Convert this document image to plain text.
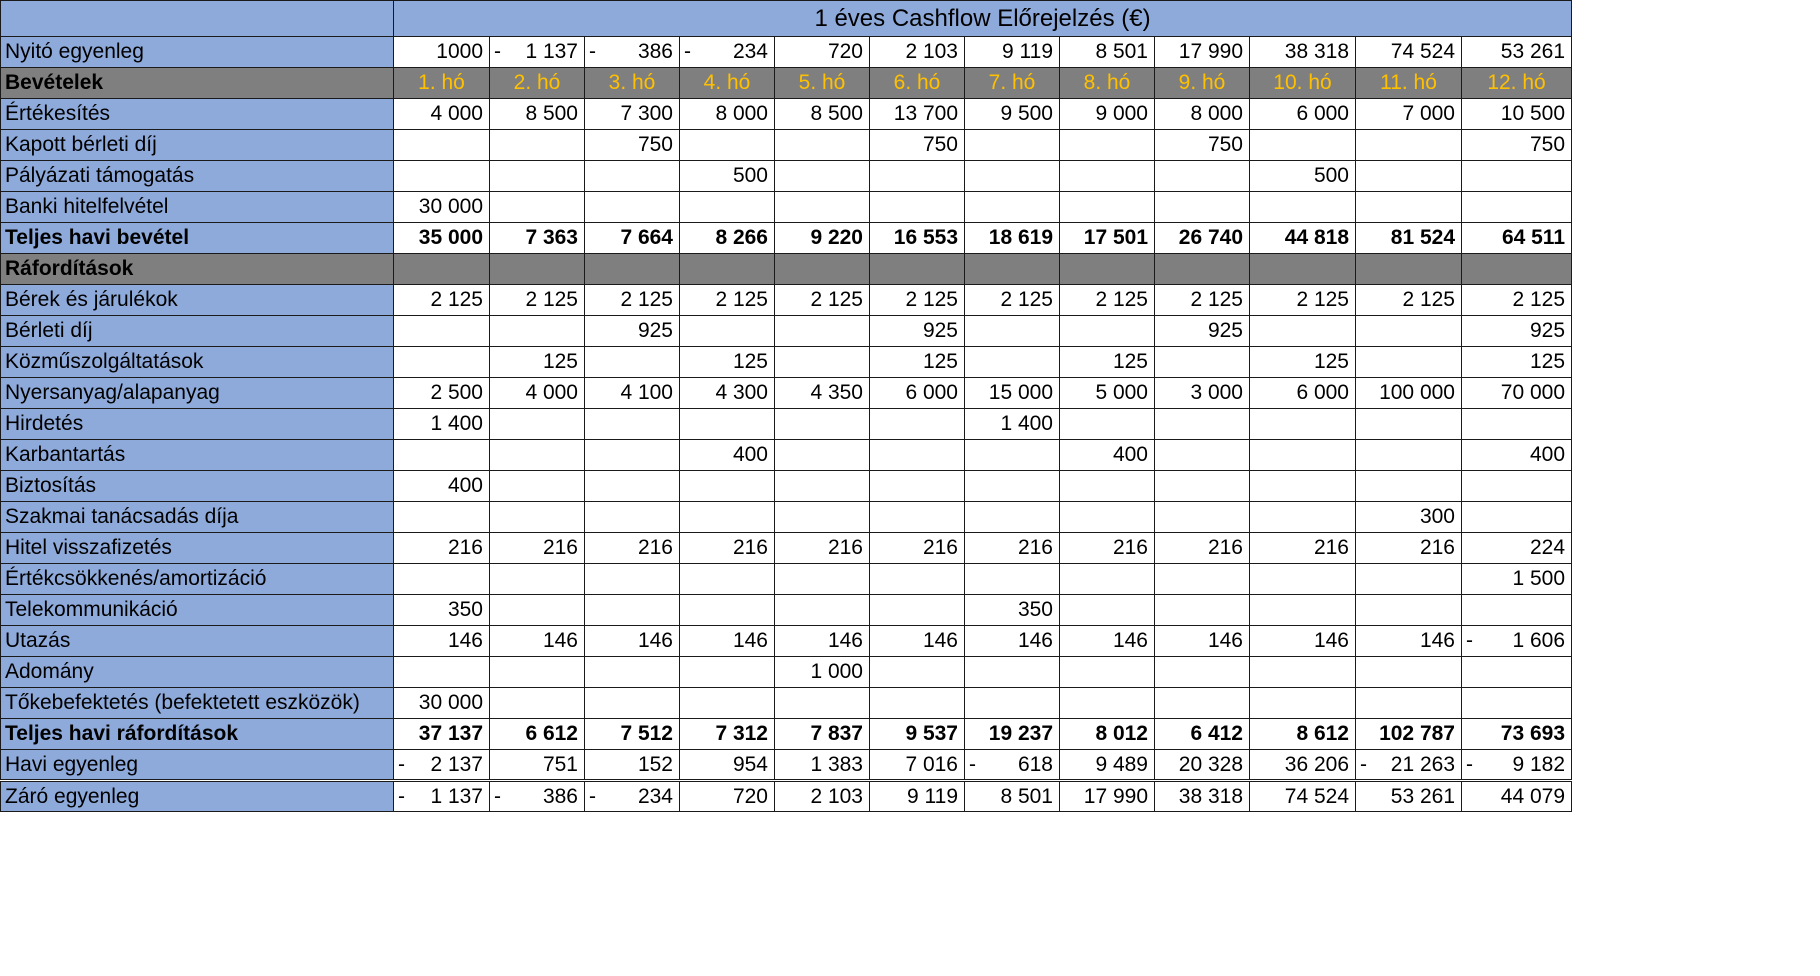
	1 éves Cashflow Előrejelzés (€)											
Nyitó egyenleg	1000	- 1 137	- 386	- 234	720	2 103	9 119	8 501	17 990	38 318	74 524	53 261
Bevételek	1. hó	2. hó	3. hó	4. hó	5. hó	6. hó	7. hó	8. hó	9. hó	10. hó	11. hó	12. hó
Értékesítés	4 000	8 500	7 300	8 000	8 500	13 700	9 500	9 000	8 000	6 000	7 000	10 500
Kapott bérleti díj			750			750			750			750
Pályázati támogatás				500						500		
Banki hitelfelvétel	30 000											
Teljes havi bevétel	35 000	7 363	7 664	8 266	9 220	16 553	18 619	17 501	26 740	44 818	81 524	64 511
Ráfordítások												
Bérek és járulékok	2 125	2 125	2 125	2 125	2 125	2 125	2 125	2 125	2 125	2 125	2 125	2 125
Bérleti díj			925			925			925			925
Közműszolgáltatások		125		125		125		125		125		125
Nyersanyag/alapanyag	2 500	4 000	4 100	4 300	4 350	6 000	15 000	5 000	3 000	6 000	100 000	70 000
Hirdetés	1 400						1 400					
Karbantartás				400				400				400
Biztosítás	400											
Szakmai tanácsadás díja											300	
Hitel visszafizetés	216	216	216	216	216	216	216	216	216	216	216	224
Értékcsökkenés/amortizáció												1 500
Telekommunikáció	350						350					
Utazás	146	146	146	146	146	146	146	146	146	146	146	- 1 606
Adomány					1 000							
Tőkebefektetés (befektetett eszközök)	30 000											
Teljes havi ráfordítások	37 137	6 612	7 512	7 312	7 837	9 537	19 237	8 012	6 412	8 612	102 787	73 693
Havi egyenleg	- 2 137	751	152	954	1 383	7 016	- 618	9 489	20 328	36 206	- 21 263	- 9 182
Záró egyenleg	- 1 137	- 386	- 234	720	2 103	9 119	8 501	17 990	38 318	74 524	53 261	44 079
